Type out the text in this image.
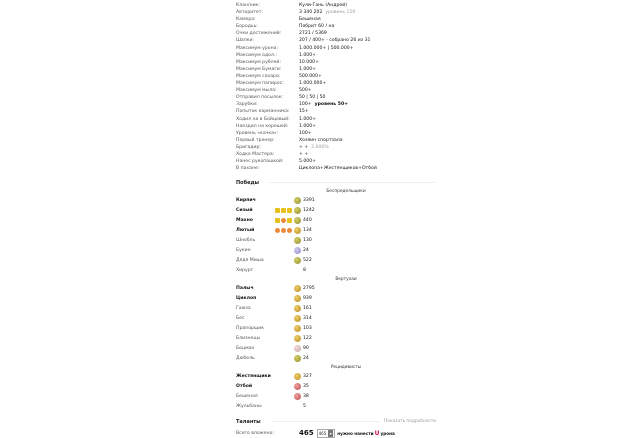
Клан/ник:	Кули-Гань (Андрей)
Авторитет:	3 340 202 уровень 110
Камера:	Бешеная
Бородьь:	Побрит 60 / на
Очки достижений:	2721 / 5369
Шапки:	207 / 400+ · собрано 26 из 31
Максимум урона:	1.000.000+ | 500.000+
Максимум одол.:	1.000+
Максимум рублей:	10.000+
Максимум Бумаги:	1.000+
Максимум сахара:	500.000+
Максимум папирос:	1.000.000+
Максимум мыла:	500+
Отправил посылок:	50 | 50 | 50
Зарубки:	100+ уровень 50+
Попыток карманника:	15+
Ходил на в Бойцовый:	1.000+
Наездил на корешей:	1.000+
Уровень «качка»:	100+
Первый тренер:	Хозяин спортзала
Бригадир:	+ + 2.000%
Ходка Мастера:	+ +
Нанес рукопашкой:	5.000+
В пахане:	Циклопа+Жестянщиков+Отбой
Победы
Беспредельщики
Кирпич	3391
Сизый	1242
Махно	440
Лютый	134
Шнобль	130
Букин	24
Дядя Миша	522
Хирург	8
Вертухаи
Палыч	2795
Циклоп	939
Гаюза	161
Бес	314
Прапорщик	103
Близнецы	122
Боцман	90
Дюбель	24
Рецидивисты
Жестянщики	327
Отбой	35
Бешеная	38
Жульбаны	5
Таланты	Показать подробности
Всего вложено:	465 465 ▾	нужно нанести U урона
